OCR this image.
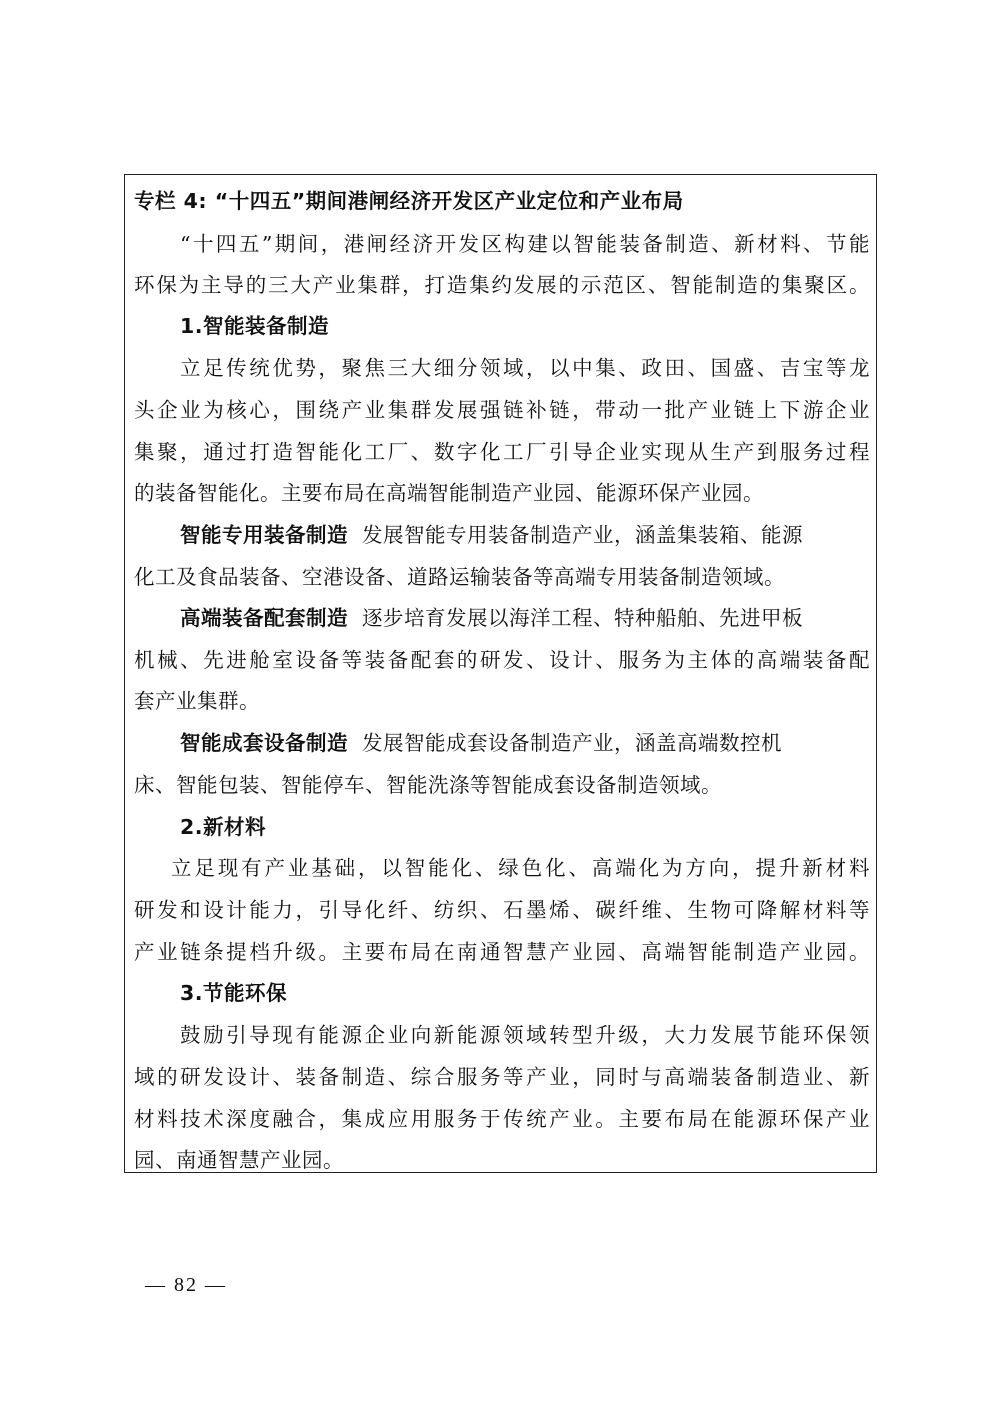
专栏 4: “十四五”期间港闸经济开发区产业定位和产业布局
“十四五”期间，港闸经济开发区构建以智能装备制造、新材料、节能
环保为主导的三大产业集群，打造集约发展的示范区、智能制造的集聚区。
1.智能装备制造
立足传统优势，聚焦三大细分领域，以中集、政田、国盛、吉宝等龙
头企业为核心，围绕产业集群发展强链补链，带动一批产业链上下游企业
集聚，通过打造智能化工厂、数字化工厂引导企业实现从生产到服务过程
的装备智能化。主要布局在高端智能制造产业园、能源环保产业园。
智能专用装备制造 发展智能专用装备制造产业，涵盖集装箱、能源
化工及食品装备、空港设备、道路运输装备等高端专用装备制造领域。
高端装备配套制造 逐步培育发展以海洋工程、特种船舶、先进甲板
机械、先进舱室设备等装备配套的研发、设计、服务为主体的高端装备配
套产业集群。
智能成套设备制造 发展智能成套设备制造产业，涵盖高端数控机
床、智能包装、智能停车、智能洗涤等智能成套设备制造领域。
2.新材料
立足现有产业基础，以智能化、绿色化、高端化为方向，提升新材料
研发和设计能力，引导化纤、纺织、石墨烯、碳纤维、生物可降解材料等
产业链条提档升级。主要布局在南通智慧产业园、高端智能制造产业园。
3.节能环保
鼓励引导现有能源企业向新能源领域转型升级，大力发展节能环保领
域的研发设计、装备制造、综合服务等产业，同时与高端装备制造业、新
材料技术深度融合，集成应用服务于传统产业。主要布局在能源环保产业
园、南通智慧产业园。
— 82 —
